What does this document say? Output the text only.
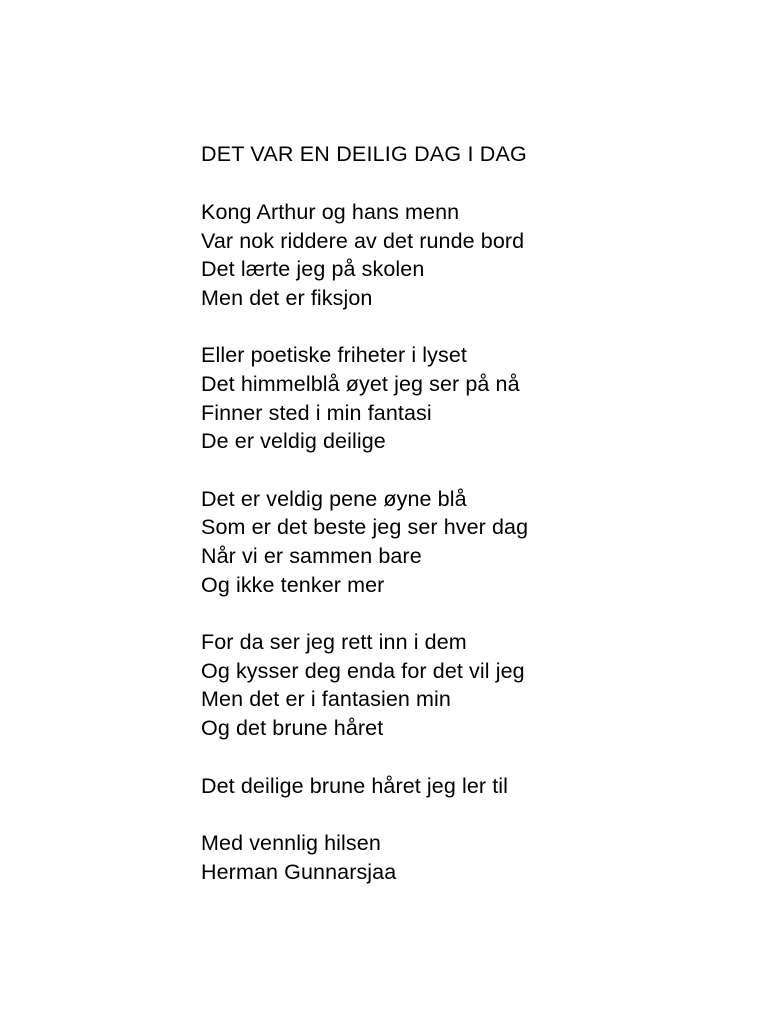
DET VAR EN DEILIG DAG I DAG
Kong Arthur og hans menn
Var nok riddere av det runde bord
Det lærte jeg på skolen
Men det er fiksjon
Eller poetiske friheter i lyset
Det himmelblå øyet jeg ser på nå
Finner sted i min fantasi
De er veldig deilige
Det er veldig pene øyne blå
Som er det beste jeg ser hver dag
Når vi er sammen bare
Og ikke tenker mer
For da ser jeg rett inn i dem
Og kysser deg enda for det vil jeg
Men det er i fantasien min
Og det brune håret
Det deilige brune håret jeg ler til
Med vennlig hilsen
Herman Gunnarsjaa
